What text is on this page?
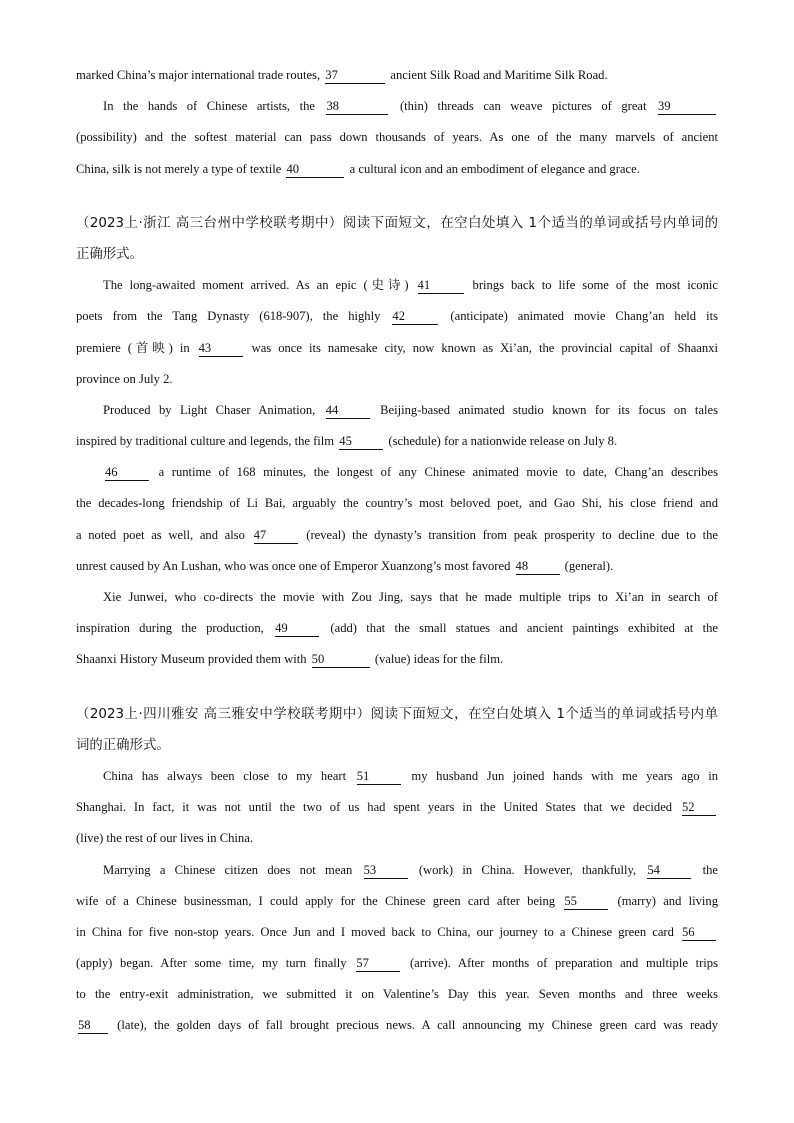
marked China’s major international trade routes, 37	ancient Silk Road and Maritime Silk Road.
In the hands of Chinese artists, the 38	(thin) threads can weave pictures of great 39
(possibility) and the softest material can pass down thousands of years. As one of the many marvels of ancient
China, silk is not merely a type of textile 40	a cultural icon and an embodiment of elegance and grace.
（2023上·浙江 高三台州中学校联考期中）阅读下面短文，在空白处填入 1个适当的单词或括号内单词的
正确形式。
The long-awaited moment arrived. As an epic (史诗) 41	brings back to life some of the most iconic
poets from the Tang Dynasty (618-907), the highly 42	(anticipate) animated movie Chang’an held its
premiere (首映) in 43	was once its namesake city, now known as Xi’an, the provincial capital of Shaanxi
province on July 2.
Produced by Light Chaser Animation, 44	Beijing-based animated studio known for its focus on tales
inspired by traditional culture and legends, the film 45	(schedule) for a nationwide release on July 8.
46	a runtime of 168 minutes, the longest of any Chinese animated movie to date, Chang’an describes
the decades-long friendship of Li Bai, arguably the country’s most beloved poet, and Gao Shi, his close friend and
a noted poet as well, and also 47	(reveal) the dynasty’s transition from peak prosperity to decline due to the
unrest caused by An Lushan, who was once one of Emperor Xuanzong’s most favored 48	(general).
Xie Junwei, who co-directs the movie with Zou Jing, says that he made multiple trips to Xi’an in search of
inspiration during the production, 49	(add) that the small statues and ancient paintings exhibited at the
Shaanxi History Museum provided them with 50	(value) ideas for the film.
（2023上·四川雅安 高三雅安中学校联考期中）阅读下面短文，在空白处填入 1个适当的单词或括号内单
词的正确形式。
China has always been close to my heart 51	my husband Jun joined hands with me years ago in
Shanghai. In fact, it was not until the two of us had spent years in the United States that we decided 52
(live) the rest of our lives in China.
Marrying a Chinese citizen does not mean 53	(work) in China. However, thankfully, 54	the
wife of a Chinese businessman, I could apply for the Chinese green card after being 55	(marry) and living
in China for five non-stop years. Once Jun and I moved back to China, our journey to a Chinese green card 56
(apply) began. After some time, my turn finally 57	(arrive). After months of preparation and multiple trips
to the entry-exit administration, we submitted it on Valentine’s Day this year. Seven months and three weeks
58 (late), the golden days of fall brought precious news. A call announcing my Chinese green card was ready
